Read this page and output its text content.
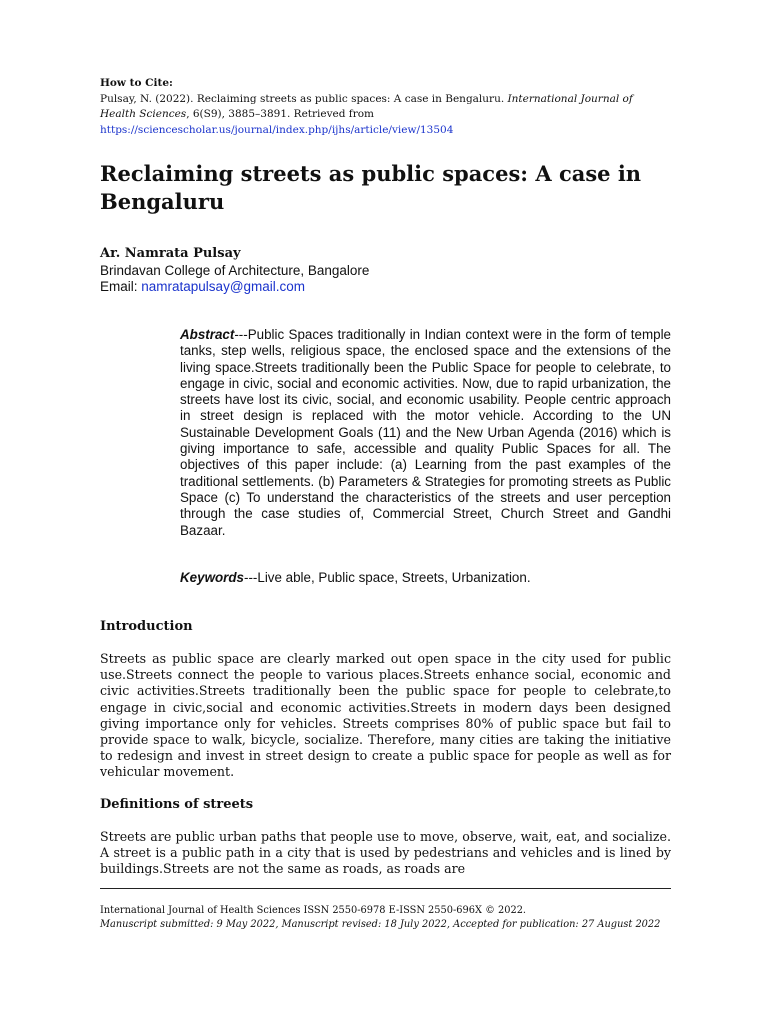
How to Cite:
Pulsay, N. (2022). Reclaiming streets as public spaces: A case in Bengaluru. International Journal of Health Sciences, 6(S9), 3885–3891. Retrieved from
https://sciencescholar.us/journal/index.php/ijhs/article/view/13504
Reclaiming streets as public spaces: A case in Bengaluru
Ar. Namrata Pulsay
Brindavan College of Architecture, Bangalore
Email: namratapulsay@gmail.com

Abstract---Public Spaces traditionally in Indian context were in the form of temple tanks, step wells, religious space, the enclosed space and the extensions of the living space.Streets traditionally been the Public Space for people to celebrate, to engage in civic, social and economic activities. Now, due to rapid urbanization, the streets have lost its civic, social, and economic usability. People centric approach in street design is replaced with the motor vehicle. According to the UN Sustainable Development Goals (11) and the New Urban Agenda (2016) which is giving importance to safe, accessible and quality Public Spaces for all. The objectives of this paper include: (a) Learning from the past examples of the traditional settlements. (b) Parameters & Strategies for promoting streets as Public Space (c) To understand the characteristics of the streets and user perception through the case studies of, Commercial Street, Church Street and Gandhi Bazaar.

Keywords---Live able, Public space, Streets, Urbanization.

Introduction

Streets as public space are clearly marked out open space in the city used for public use.Streets connect the people to various places.Streets enhance social, economic and civic activities.Streets traditionally been the public space for people to celebrate,to engage in civic,social and economic activities.Streets in modern days been designed giving importance only for vehicles. Streets comprises 80% of public space but fail to provide space to walk, bicycle, socialize. Therefore, many cities are taking the initiative to redesign and invest in street design to create a public space for people as well as for vehicular movement.

Definitions of streets

Streets are public urban paths that people use to move, observe, wait, eat, and socialize. A street is a public path in a city that is used by pedestrians and vehicles and is lined by buildings.Streets are not the same as roads, as roads are

International Journal of Health Sciences ISSN 2550-6978 E-ISSN 2550-696X © 2022.
Manuscript submitted: 9 May 2022, Manuscript revised: 18 July 2022, Accepted for publication: 27 August 2022
